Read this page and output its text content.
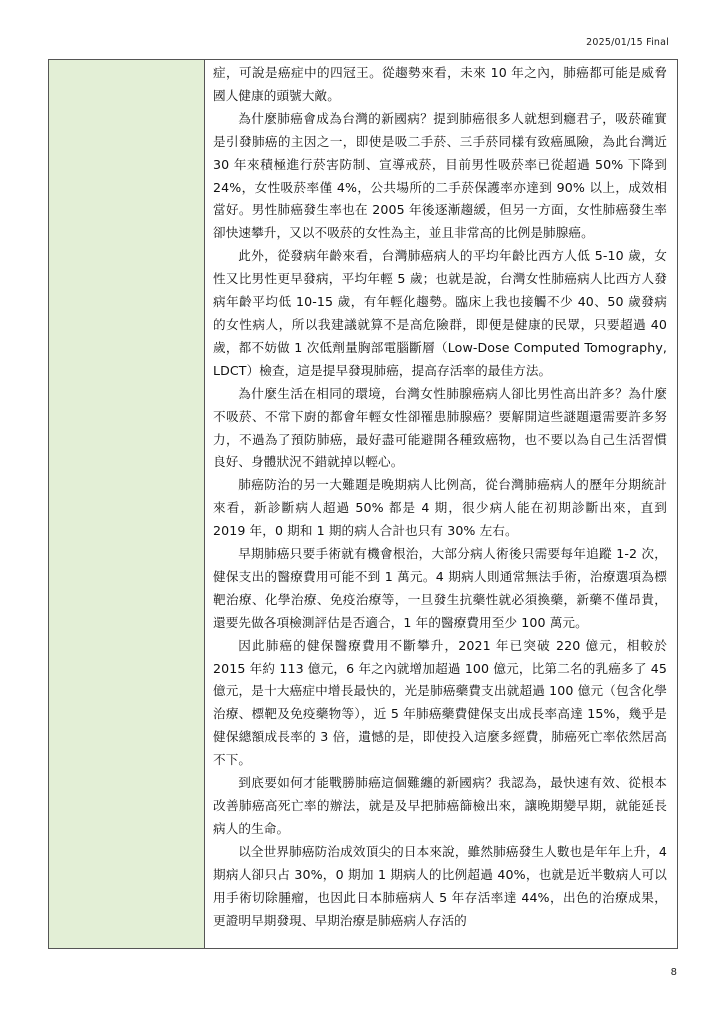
2025/01/15 Final

症，可說是癌症中的四冠王。從趨勢來看，未來 10 年之內，肺癌都可能是威脅國人健康的頭號大敵。

為什麼肺癌會成為台灣的新國病？提到肺癌很多人就想到癮君子，吸菸確實是引發肺癌的主因之一，即使是吸二手菸、三手菸同樣有致癌風險，為此台灣近 30 年來積極進行菸害防制、宣導戒菸，目前男性吸菸率已從超過 50% 下降到 24%，女性吸菸率僅 4%，公共場所的二手菸保護率亦達到 90% 以上，成效相當好。男性肺癌發生率也在 2005 年後逐漸趨緩，但另一方面，女性肺癌發生率卻快速攀升，又以不吸菸的女性為主，並且非常高的比例是肺腺癌。

此外，從發病年齡來看，台灣肺癌病人的平均年齡比西方人低 5-10 歲，女性又比男性更早發病，平均年輕 5 歲；也就是說，台灣女性肺癌病人比西方人發病年齡平均低 10-15 歲，有年輕化趨勢。臨床上我也接觸不少 40、50 歲發病的女性病人，所以我建議就算不是高危險群，即便是健康的民眾，只要超過 40 歲，都不妨做 1 次低劑量胸部電腦斷層（Low-Dose Computed Tomography, LDCT）檢查，這是提早發現肺癌，提高存活率的最佳方法。

為什麼生活在相同的環境，台灣女性肺腺癌病人卻比男性高出許多？為什麼不吸菸、不常下廚的都會年輕女性卻罹患肺腺癌？要解開這些謎題還需要許多努力，不過為了預防肺癌，最好盡可能避開各種致癌物，也不要以為自己生活習慣良好、身體狀況不錯就掉以輕心。

肺癌防治的另一大難題是晚期病人比例高，從台灣肺癌病人的歷年分期統計來看，新診斷病人超過 50% 都是 4 期，很少病人能在初期診斷出來，直到 2019 年，0 期和 1 期的病人合計也只有 30% 左右。

早期肺癌只要手術就有機會根治，大部分病人術後只需要每年追蹤 1-2 次，健保支出的醫療費用可能不到 1 萬元。4 期病人則通常無法手術，治療選項為標靶治療、化學治療、免疫治療等，一旦發生抗藥性就必須換藥，新藥不僅昂貴，還要先做各項檢測評估是否適合，1 年的醫療費用至少 100 萬元。

因此肺癌的健保醫療費用不斷攀升，2021 年已突破 220 億元，相較於 2015 年約 113 億元，6 年之內就增加超過 100 億元，比第二名的乳癌多了 45 億元，是十大癌症中增長最快的，光是肺癌藥費支出就超過 100 億元（包含化學治療、標靶及免疫藥物等），近 5 年肺癌藥費健保支出成長率高達 15%，幾乎是健保總額成長率的 3 倍，遺憾的是，即使投入這麼多經費，肺癌死亡率依然居高不下。

到底要如何才能戰勝肺癌這個難纏的新國病？我認為，最快速有效、從根本改善肺癌高死亡率的辦法，就是及早把肺癌篩檢出來，讓晚期變早期，就能延長病人的生命。

以全世界肺癌防治成效頂尖的日本來說，雖然肺癌發生人數也是年年上升，4 期病人卻只占 30%，0 期加 1 期病人的比例超過 40%，也就是近半數病人可以用手術切除腫瘤，也因此日本肺癌病人 5 年存活率達 44%，出色的治療成果，更證明早期發現、早期治療是肺癌病人存活的

8
